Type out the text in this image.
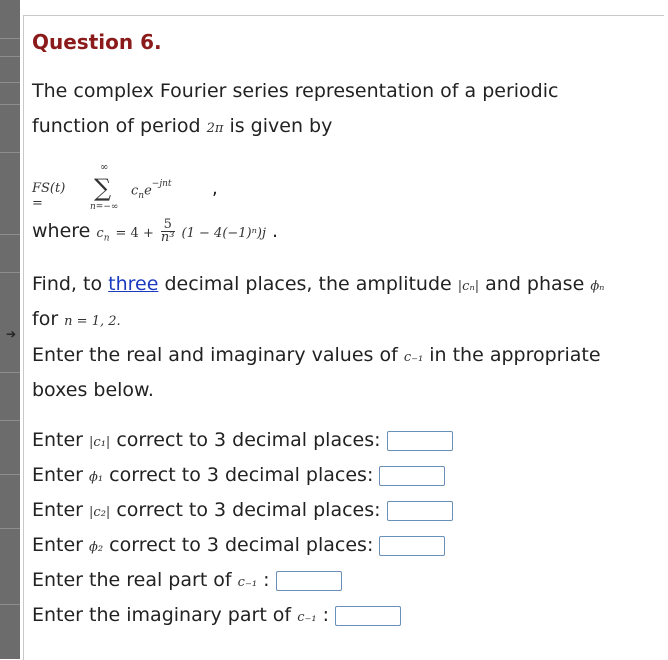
➔
Question 6.
The complex Fourier series representation of a periodic
function of period 2π is given by
FS(t) =
∞
∑
n=−∞
$c_ne^{-jnt}$ ,
where $c_n = 4 + \frac{5}{\text{n³}} (1 - 4(-1)^n)j$ .
Find, to three decimal places, the amplitude |cₙ| and phase ϕₙ
for n = 1, 2.
Enter the real and imaginary values of c₋₁ in the appropriate
boxes below.
Enter |c₁| correct to 3 decimal places:
Enter ϕ₁ correct to 3 decimal places:
Enter |c₂| correct to 3 decimal places:
Enter ϕ₂ correct to 3 decimal places:
Enter the real part of c₋₁ :
Enter the imaginary part of c₋₁ :
